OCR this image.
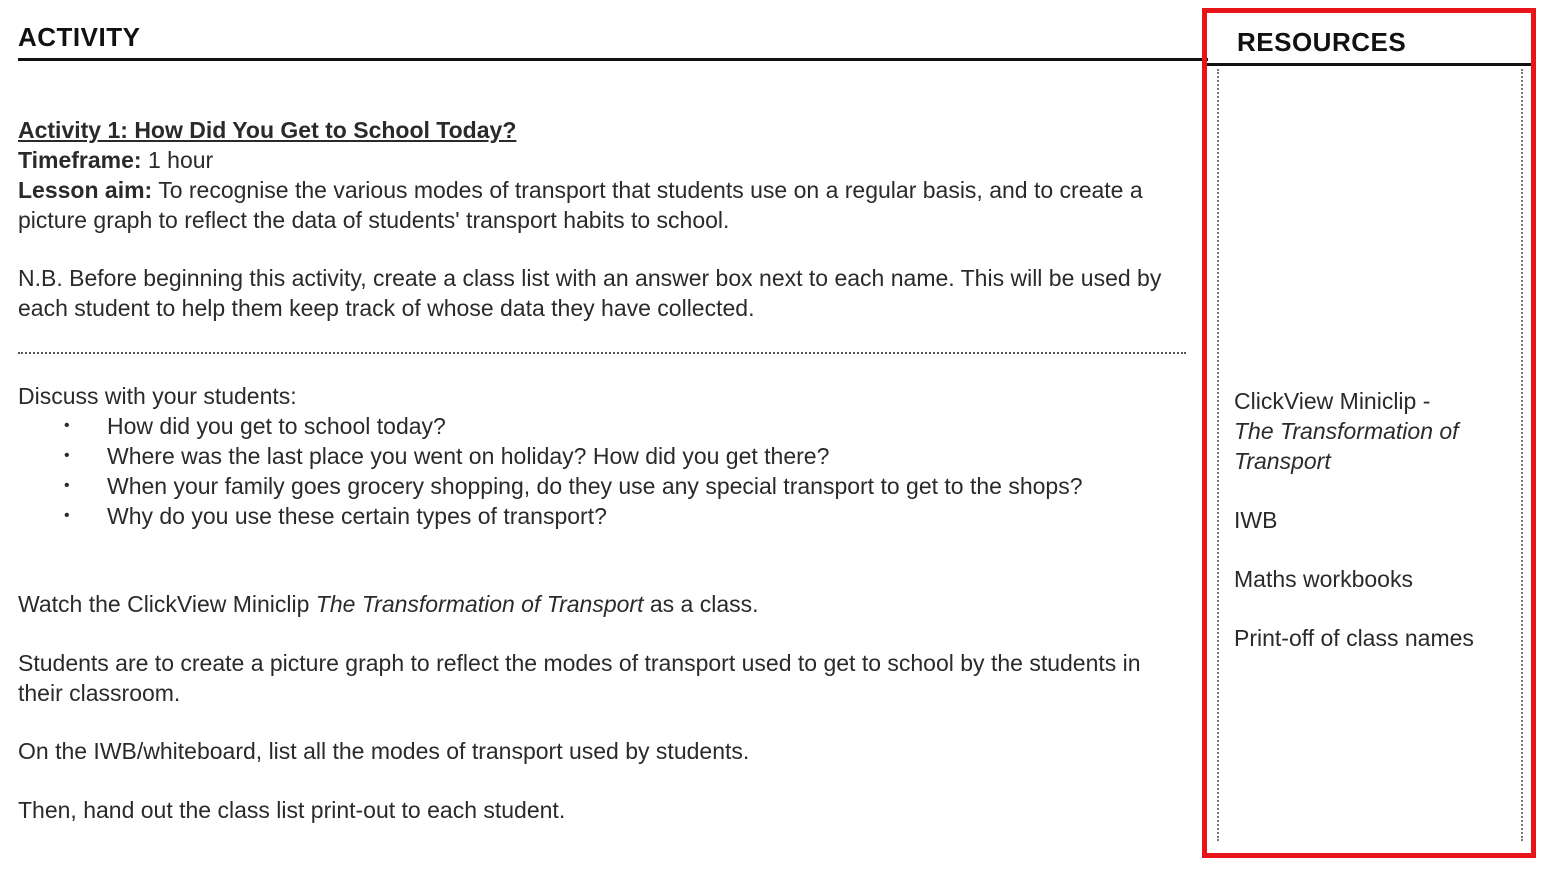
ACTIVITY
Activity 1: How Did You Get to School Today?
Timeframe: 1 hour
Lesson aim: To recognise the various modes of transport that students use on a regular basis, and to create a picture graph to reflect the data of students' transport habits to school.
N.B. Before beginning this activity, create a class list with an answer box next to each name. This will be used by each student to help them keep track of whose data they have collected.
Discuss with your students:
• How did you get to school today?
• Where was the last place you went on holiday? How did you get there?
• When your family goes grocery shopping, do they use any special transport to get to the shops?
• Why do you use these certain types of transport?
Watch the ClickView Miniclip The Transformation of Transport as a class.
Students are to create a picture graph to reflect the modes of transport used to get to school by the students in their classroom.
On the IWB/whiteboard, list all the modes of transport used by students.
Then, hand out the class list print-out to each student.
RESOURCES
ClickView Miniclip -
The Transformation of Transport
IWB
Maths workbooks
Print-off of class names
